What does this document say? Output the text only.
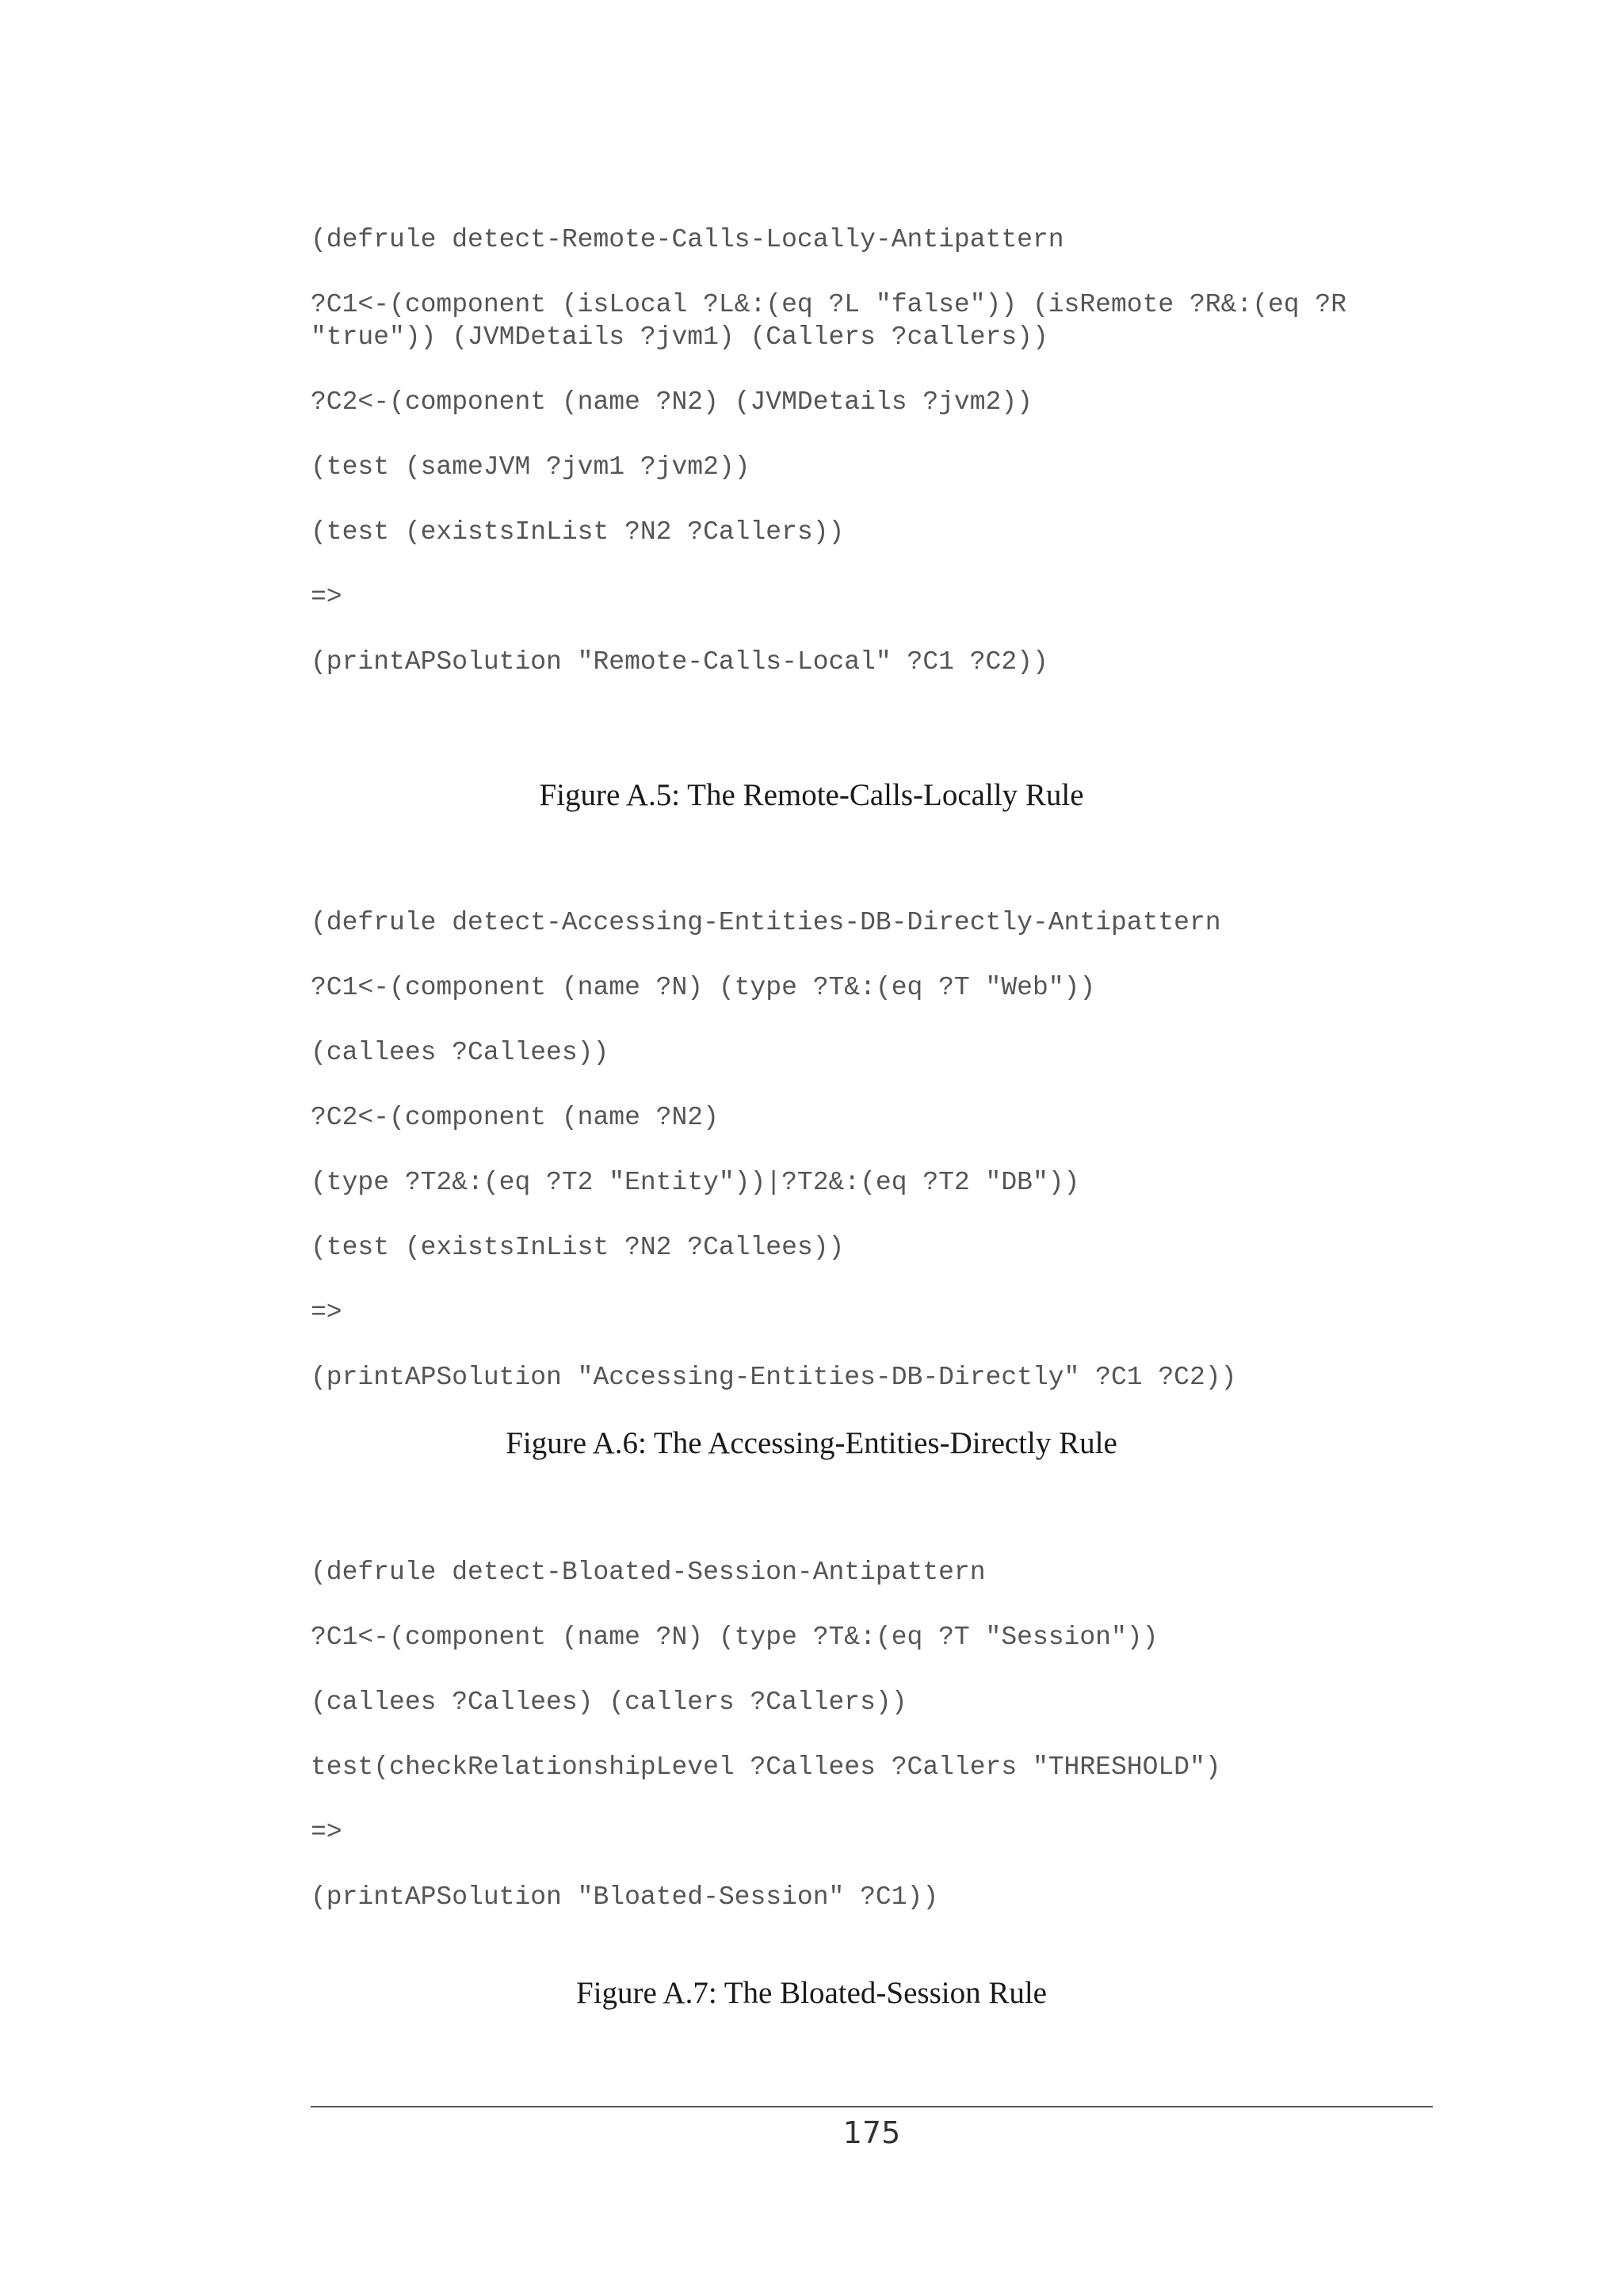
(defrule detect-Remote-Calls-Locally-Antipattern

?C1<-(component (isLocal ?L&:(eq ?L "false")) (isRemote ?R&:(eq ?R

"true")) (JVMDetails ?jvm1) (Callers ?callers))

?C2<-(component (name ?N2) (JVMDetails ?jvm2))

(test (sameJVM ?jvm1 ?jvm2))

(test (existsInList ?N2 ?Callers))

=>

(printAPSolution "Remote-Calls-Local" ?C1 ?C2))

Figure A.5: The Remote-Calls-Locally Rule

(defrule detect-Accessing-Entities-DB-Directly-Antipattern

?C1<-(component (name ?N) (type ?T&:(eq ?T "Web"))

(callees ?Callees))

?C2<-(component (name ?N2)

(type ?T2&:(eq ?T2 "Entity"))|?T2&:(eq ?T2 "DB"))

(test (existsInList ?N2 ?Callees))

=>

(printAPSolution "Accessing-Entities-DB-Directly" ?C1 ?C2))

Figure A.6: The Accessing-Entities-Directly Rule

(defrule detect-Bloated-Session-Antipattern

?C1<-(component (name ?N) (type ?T&:(eq ?T "Session"))

(callees ?Callees) (callers ?Callers))

test(checkRelationshipLevel ?Callees ?Callers "THRESHOLD")

=>

(printAPSolution "Bloated-Session" ?C1))

Figure A.7: The Bloated-Session Rule
175
